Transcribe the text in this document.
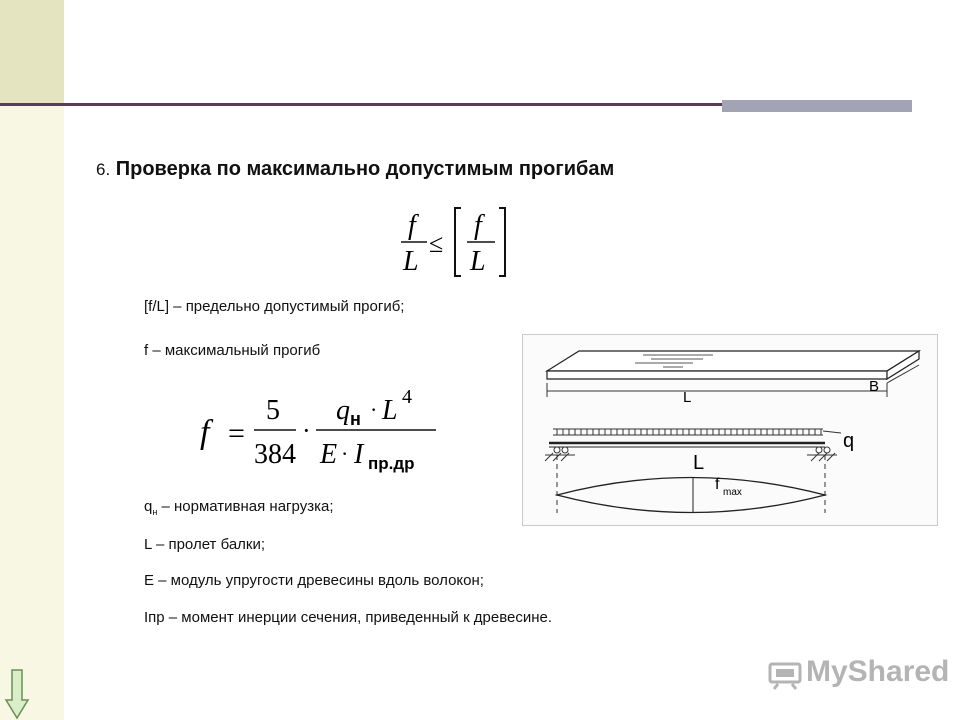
6. Проверка по максимально допустимым прогибам
f
L
≤
f
L
[f/L] – предельно допустимый прогиб;
f – максимальный прогиб
f =
5
384
·
q н · L 4
E · I пр.др
$q_н$ – нормативная нагрузка;
L – пролет балки;
E – модуль упругости древесины вдоль волокон;
Iпр – момент инерции сечения, приведенный к древесине.
L
B
q
L
f max
MyShared
